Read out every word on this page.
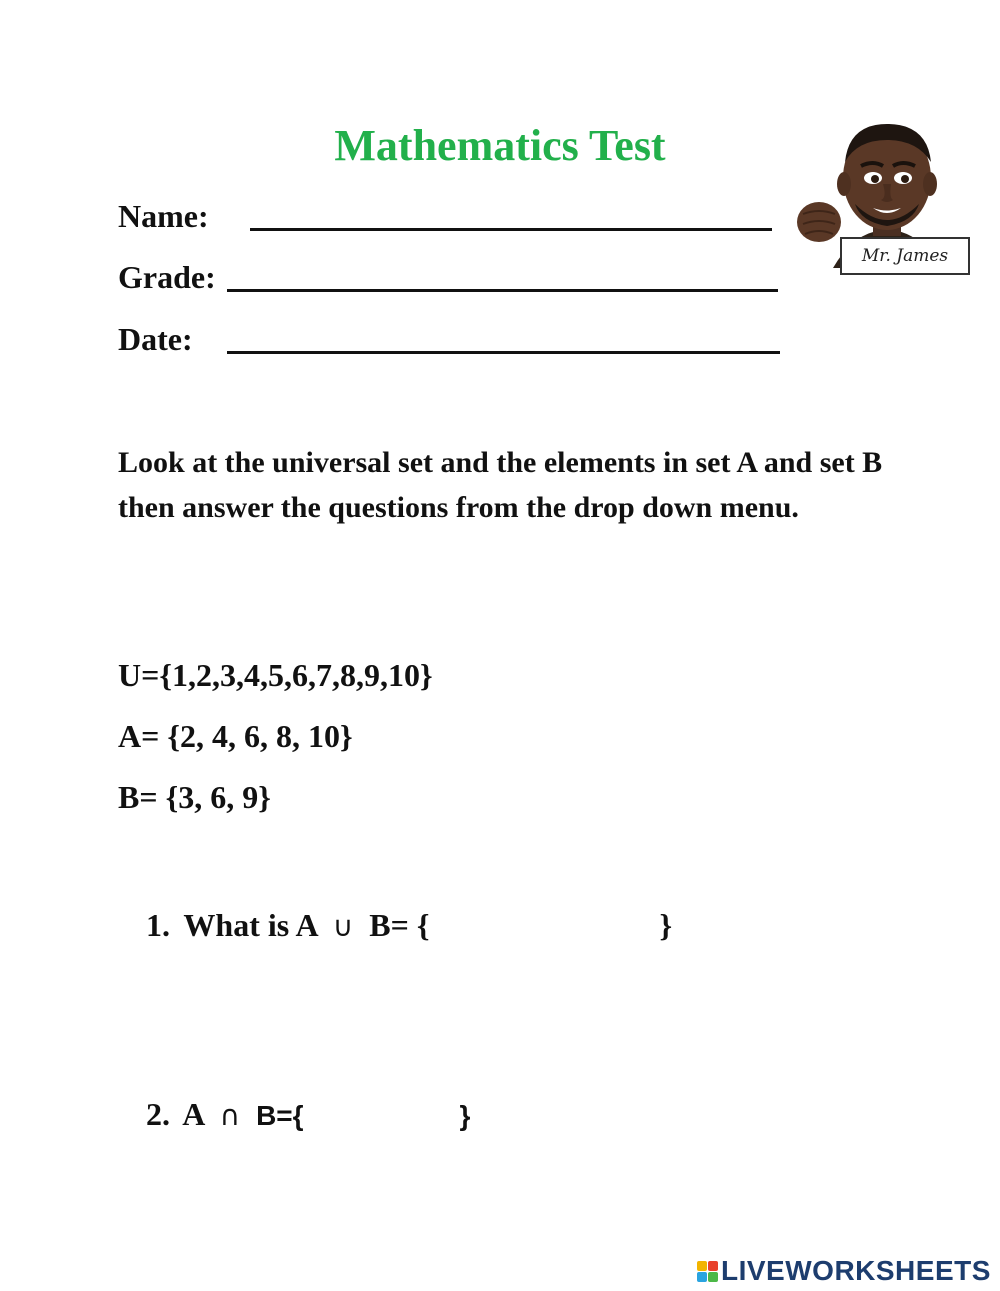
Mathematics Test
Name:
Grade:
Date:
Mr. James
Look at the universal set and the elements in set A and set B then answer the questions from the drop down menu.
U={1,2,3,4,5,6,7,8,9,10}
A= {2, 4, 6, 8, 10}
B= {3, 6, 9}
1. What is A ∪ B= {	}
2. A ∩ B={	}
LIVEWORKSHEETS
